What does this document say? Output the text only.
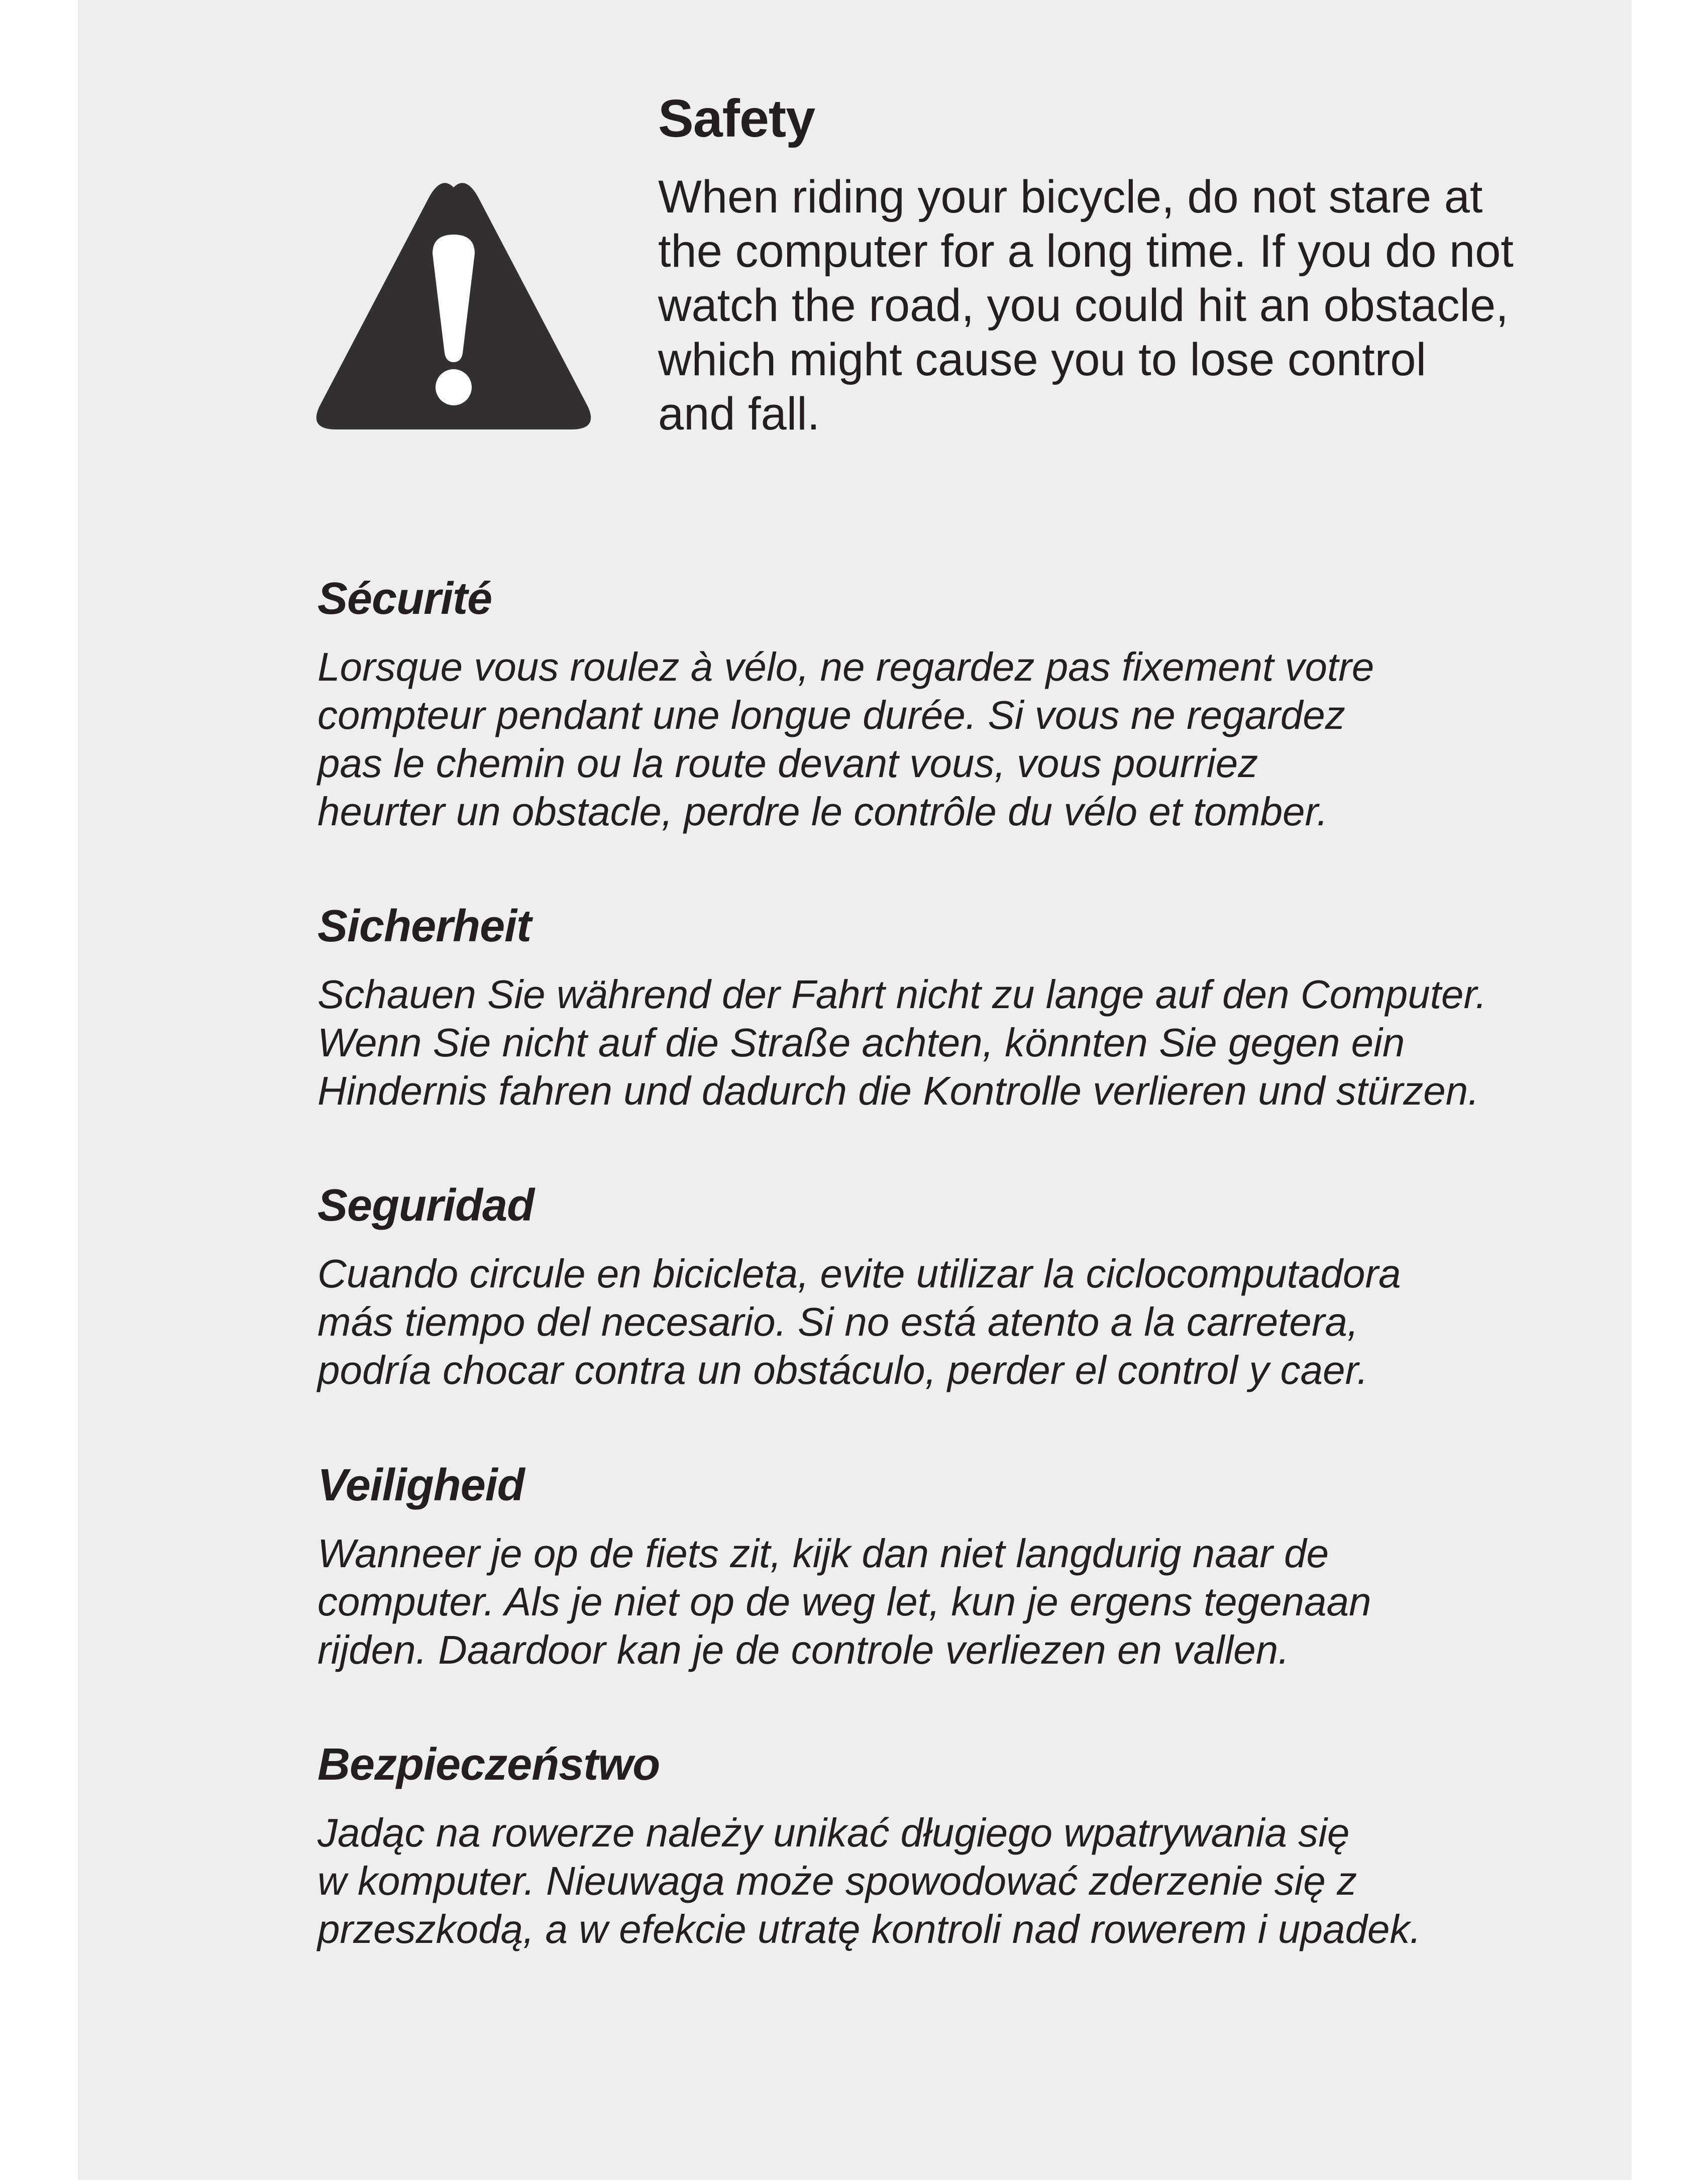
Safety

When riding your bicycle, do not stare at
the computer for a long time. If you do not
watch the road, you could hit an obstacle,
which might cause you to lose control
and fall.

Sécurité

Lorsque vous roulez à vélo, ne regardez pas fixement votre
compteur pendant une longue durée. Si vous ne regardez
pas le chemin ou la route devant vous, vous pourriez
heurter un obstacle, perdre le contrôle du vélo et tomber.

Sicherheit

Schauen Sie während der Fahrt nicht zu lange auf den Computer.
Wenn Sie nicht auf die Straße achten, könnten Sie gegen ein
Hindernis fahren und dadurch die Kontrolle verlieren und stürzen.

Seguridad

Cuando circule en bicicleta, evite utilizar la ciclocomputadora
más tiempo del necesario. Si no está atento a la carretera,
podría chocar contra un obstáculo, perder el control y caer.

Veiligheid

Wanneer je op de fiets zit, kijk dan niet langdurig naar de
computer. Als je niet op de weg let, kun je ergens tegenaan
rijden. Daardoor kan je de controle verliezen en vallen.

Bezpieczeństwo

Jadąc na rowerze należy unikać długiego wpatrywania się
w komputer. Nieuwaga może spowodować zderzenie się z
przeszkodą, a w efekcie utratę kontroli nad rowerem i upadek.
